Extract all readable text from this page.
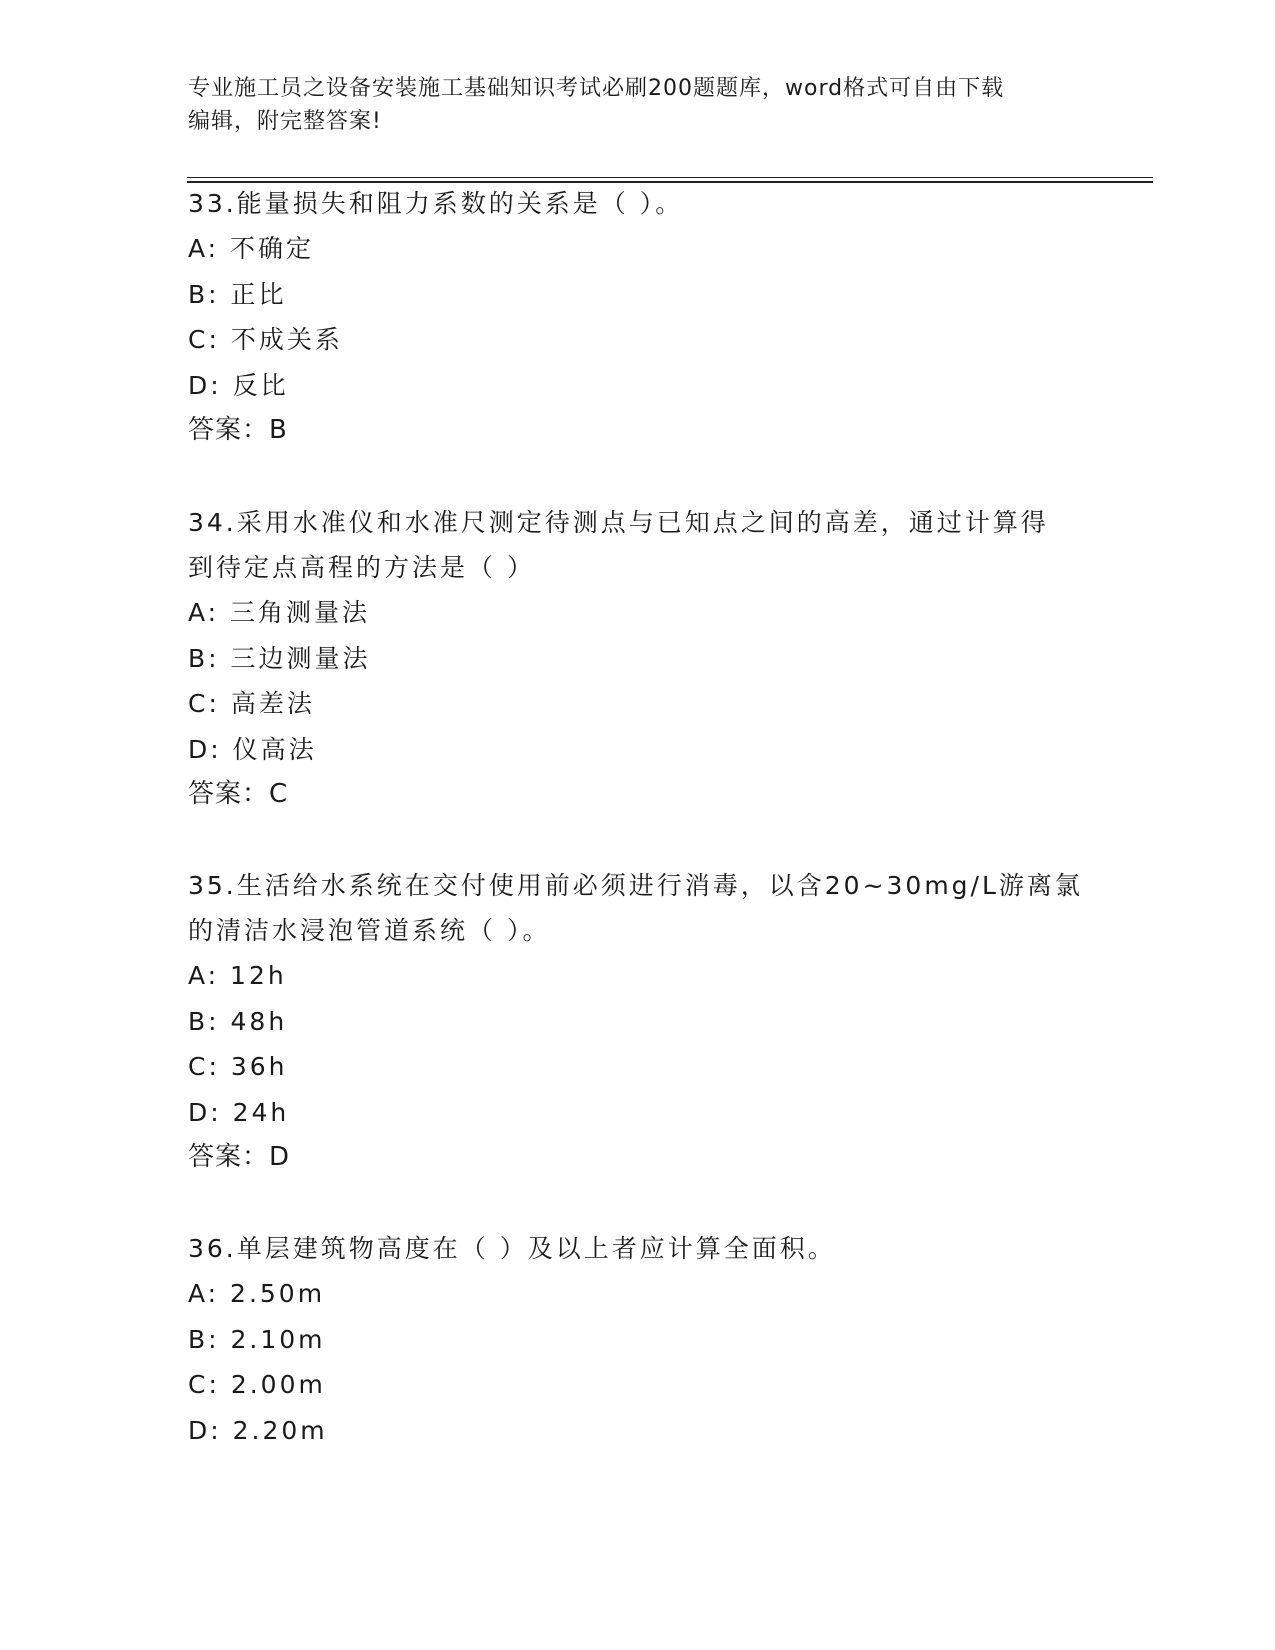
专业施工员之设备安装施工基础知识考试必刷200题题库，word格式可自由下载
编辑，附完整答案!

33.能量损失和阻力系数的关系是（ ）。

A: 不确定

B: 正比

C: 不成关系

D: 反比

答案：B

34.采用水准仪和水准尺测定待测点与已知点之间的高差，通过计算得

到待定点高程的方法是（ ）

A: 三角测量法

B: 三边测量法

C: 高差法

D: 仪高法

答案：C

35.生活给水系统在交付使用前必须进行消毒，以含20~30mg/L游离氯

的清洁水浸泡管道系统（ ）。

A: 12h

B: 48h

C: 36h

D: 24h

答案：D

36.单层建筑物高度在（ ）及以上者应计算全面积。

A: 2.50m

B: 2.10m

C: 2.00m

D: 2.20m
